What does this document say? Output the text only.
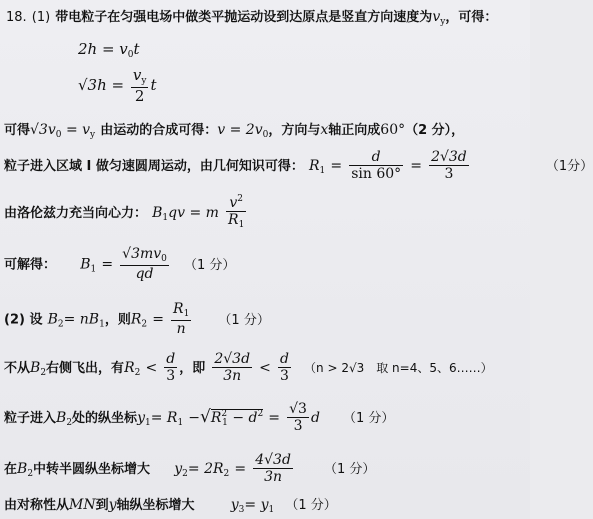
18. (1) 带电粒子在匀强电场中做类平抛运动设到达原点是竖直方向速度为vy，可得：
$2h = v_0t$
$√3h = \frac{v_y}{2}$ t
可得√3v0 = vy 由运动的合成可得：v = 2v0，方向与x轴正向成60°（2 分），
粒子进入区域 I 做匀速圆周运动，由几何知识可得： $R1 = \frac{d}{\sin 60^\circ} = \frac{2√3d}{3}$	（1分）
由洛伦兹力充当向心力： B1qv = m $\frac{v^2}{R_1}$
可解得： $B1 = \frac{√3mv_0}{qd} (1$ 分）
(2) 设 B2= nB1，则$R2 = \frac{R_1}{n} (1$ 分）
不从B2右侧飞出，有$R2 < \frac{d}{3}$ ，即 $\frac{2√3d}{3n} < \frac{d}{3} (n > 2√3$　取 n=4、5、6……）
粒子进入B2处的纵坐标$y1= R1 -√R^2_1 - d^2 = \frac{√3}{3}$ d （1 分）
在B2中转半圆纵坐标增大 $y2= 2R2 = \frac{4√3d}{3n} (1$ 分）
由对称性从MN到y轴纵坐标增大	y3= y1 （1 分）
